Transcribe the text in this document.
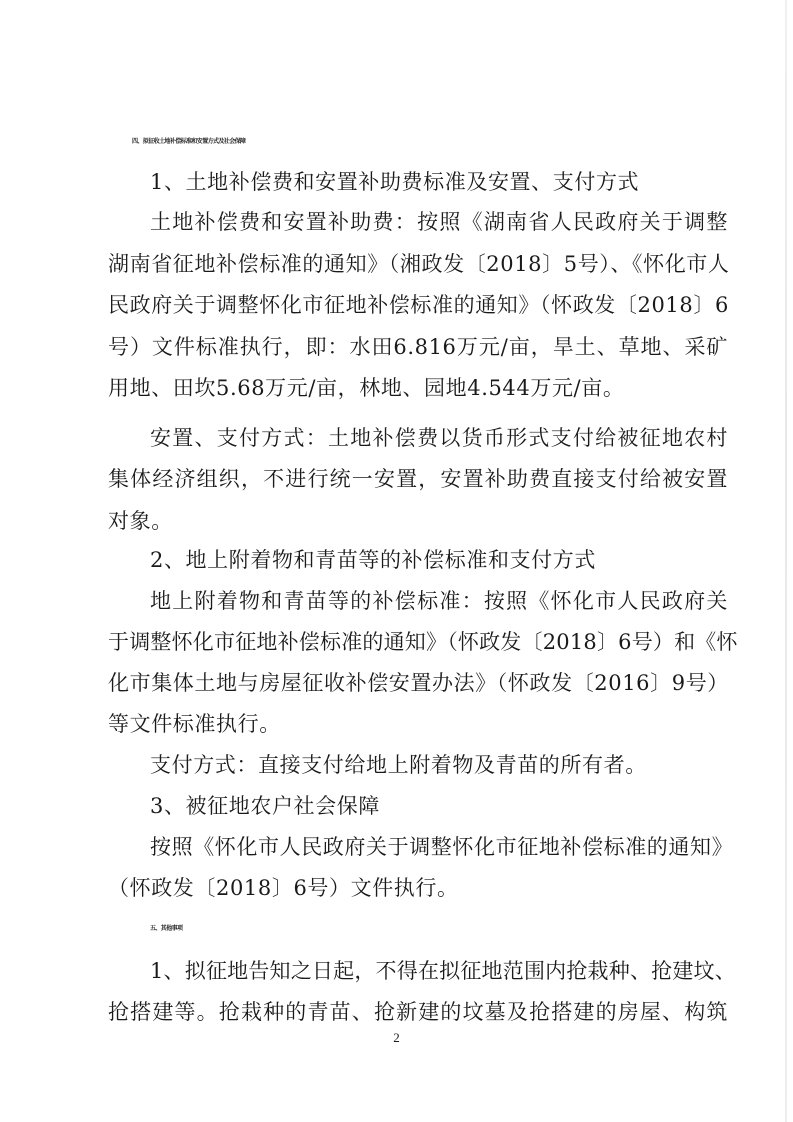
四、拟征收土地补偿标准和安置方式及社会保障
1、土地补偿费和安置补助费标准及安置、支付方式
土地补偿费和安置补助费：按照《湖南省人民政府关于调整
湖南省征地补偿标准的通知》（湘政发〔2018〕5号）、《怀化市人
民政府关于调整怀化市征地补偿标准的通知》（怀政发〔2018〕6
号）文件标准执行，即：水田6.816万元/亩，旱土、草地、采矿
用地、田坎5.68万元/亩，林地、园地4.544万元/亩。
安置、支付方式：土地补偿费以货币形式支付给被征地农村
集体经济组织，不进行统一安置，安置补助费直接支付给被安置
对象。
2、地上附着物和青苗等的补偿标准和支付方式
地上附着物和青苗等的补偿标准：按照《怀化市人民政府关
于调整怀化市征地补偿标准的通知》（怀政发〔2018〕6号）和《怀
化市集体土地与房屋征收补偿安置办法》（怀政发〔2016〕9号）
等文件标准执行。
支付方式：直接支付给地上附着物及青苗的所有者。
3、被征地农户社会保障
按照《怀化市人民政府关于调整怀化市征地补偿标准的通知》
（怀政发〔2018〕6号）文件执行。
五、其他事项
1、拟征地告知之日起，不得在拟征地范围内抢栽种、抢建坟、
抢搭建等。抢栽种的青苗、抢新建的坟墓及抢搭建的房屋、构筑
2
